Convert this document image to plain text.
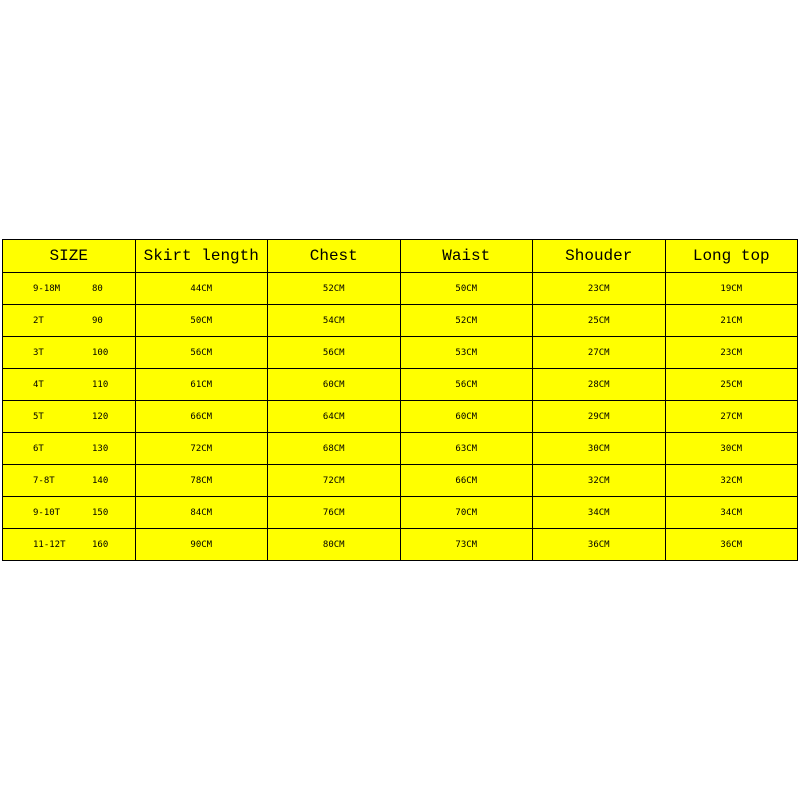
SIZE	Skirt length	Chest	Waist	Shouder	Long top

9-18M 80	44CM	52CM	50CM	23CM	19CM

2T 90	50CM	54CM	52CM	25CM	21CM

3T 100	56CM	56CM	53CM	27CM	23CM

4T 110	61CM	60CM	56CM	28CM	25CM

5T 120	66CM	64CM	60CM	29CM	27CM

6T 130	72CM	68CM	63CM	30CM	30CM

7-8T 140	78CM	72CM	66CM	32CM	32CM

9-10T 150	84CM	76CM	70CM	34CM	34CM

11-12T 160	90CM	80CM	73CM	36CM	36CM
